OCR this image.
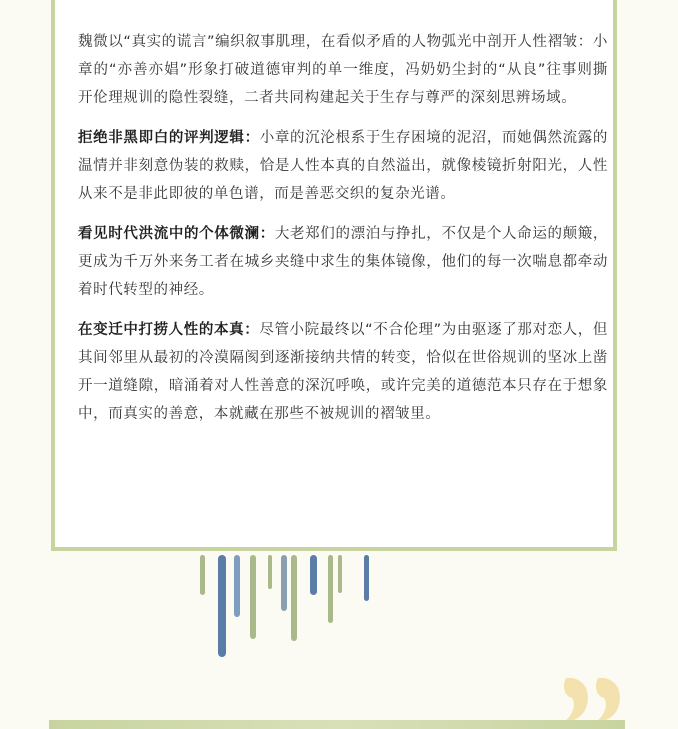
魏微以“真实的谎言”编织叙事肌理，在看似矛盾的人物弧光中剖开人性褶皱：小章的“亦善亦娼”形象打破道德审判的单一维度，冯奶奶尘封的“从良”往事则撕开伦理规训的隐性裂缝，二者共同构建起关于生存与尊严的深刻思辨场域。

拒绝非黑即白的评判逻辑：小章的沉沦根系于生存困境的泥沼，而她偶然流露的温情并非刻意伪装的救赎，恰是人性本真的自然溢出，就像棱镜折射阳光，人性从来不是非此即彼的单色谱，而是善恶交织的复杂光谱。

看见时代洪流中的个体微澜：大老郑们的漂泊与挣扎，不仅是个人命运的颠簸，更成为千万外来务工者在城乡夹缝中求生的集体镜像，他们的每一次喘息都牵动着时代转型的神经。

在变迁中打捞人性的本真：尽管小院最终以“不合伦理”为由驱逐了那对恋人，但其间邻里从最初的冷漠隔阂到逐渐接纳共情的转变，恰似在世俗规训的坚冰上凿开一道缝隙，暗涌着对人性善意的深沉呼唤，或许完美的道德范本只存在于想象中，而真实的善意，本就藏在那些不被规训的褶皱里。
